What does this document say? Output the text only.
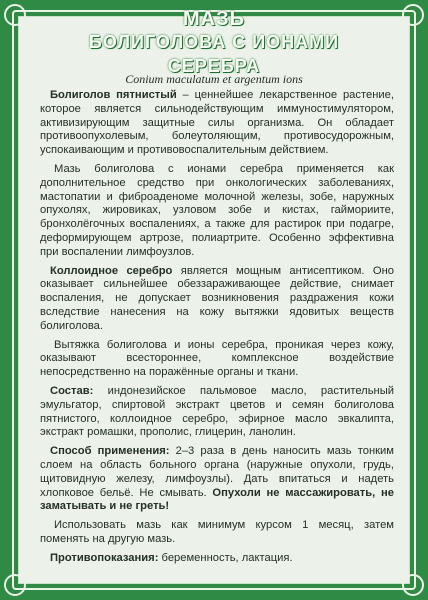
МАЗЬ
БОЛИГОЛОВА С ИОНАМИ СЕРЕБРА
Conium maculatum et argentum ions

Болиголов пятнистый – ценнейшее лекарственное растение, которое является сильнодействующим иммуностимулятором, активизирующим защитные силы организма. Он обладает противоопухолевым, болеутоляющим, противосудорожным, успокаивающим и противовоспалительным действием.

Мазь болиголова с ионами серебра применяется как дополнительное средство при онкологических заболеваниях, мастопатии и фиброаденоме молочной железы, зобе, наружных опухолях, жировиках, узловом зобе и кистах, гаймориите, бронхолёгочных воспалениях, а также для растирок при подагре, деформирующем артрозе, полиартрите. Особенно эффективна при воспалении лимфоузлов.

Коллоидное серебро является мощным антисептиком. Оно оказывает сильнейшее обеззараживающее действие, снимает воспаления, не допускает возникновения раздражения кожи вследствие нанесения на кожу вытяжки ядовитых веществ болиголова.

Вытяжка болиголова и ионы серебра, проникая через кожу, оказывают всестороннее, комплексное воздействие непосредственно на поражённые органы и ткани.

Состав: индонезийское пальмовое масло, растительный эмульгатор, спиртовой экстракт цветов и семян болиголова пятнистого, коллоидное серебро, эфирное масло эвкалипта, экстракт ромашки, прополис, глицерин, ланолин.

Способ применения: 2–3 раза в день наносить мазь тонким слоем на область больного органа (наружные опухоли, грудь, щитовидную железу, лимфоузлы). Дать впитаться и надеть хлопковое бельё. Не смывать. Опухоли не массажировать, не заматывать и не греть!

Использовать мазь как минимум курсом 1 месяц, затем поменять на другую мазь.

Противопоказания: беременность, лактация.
